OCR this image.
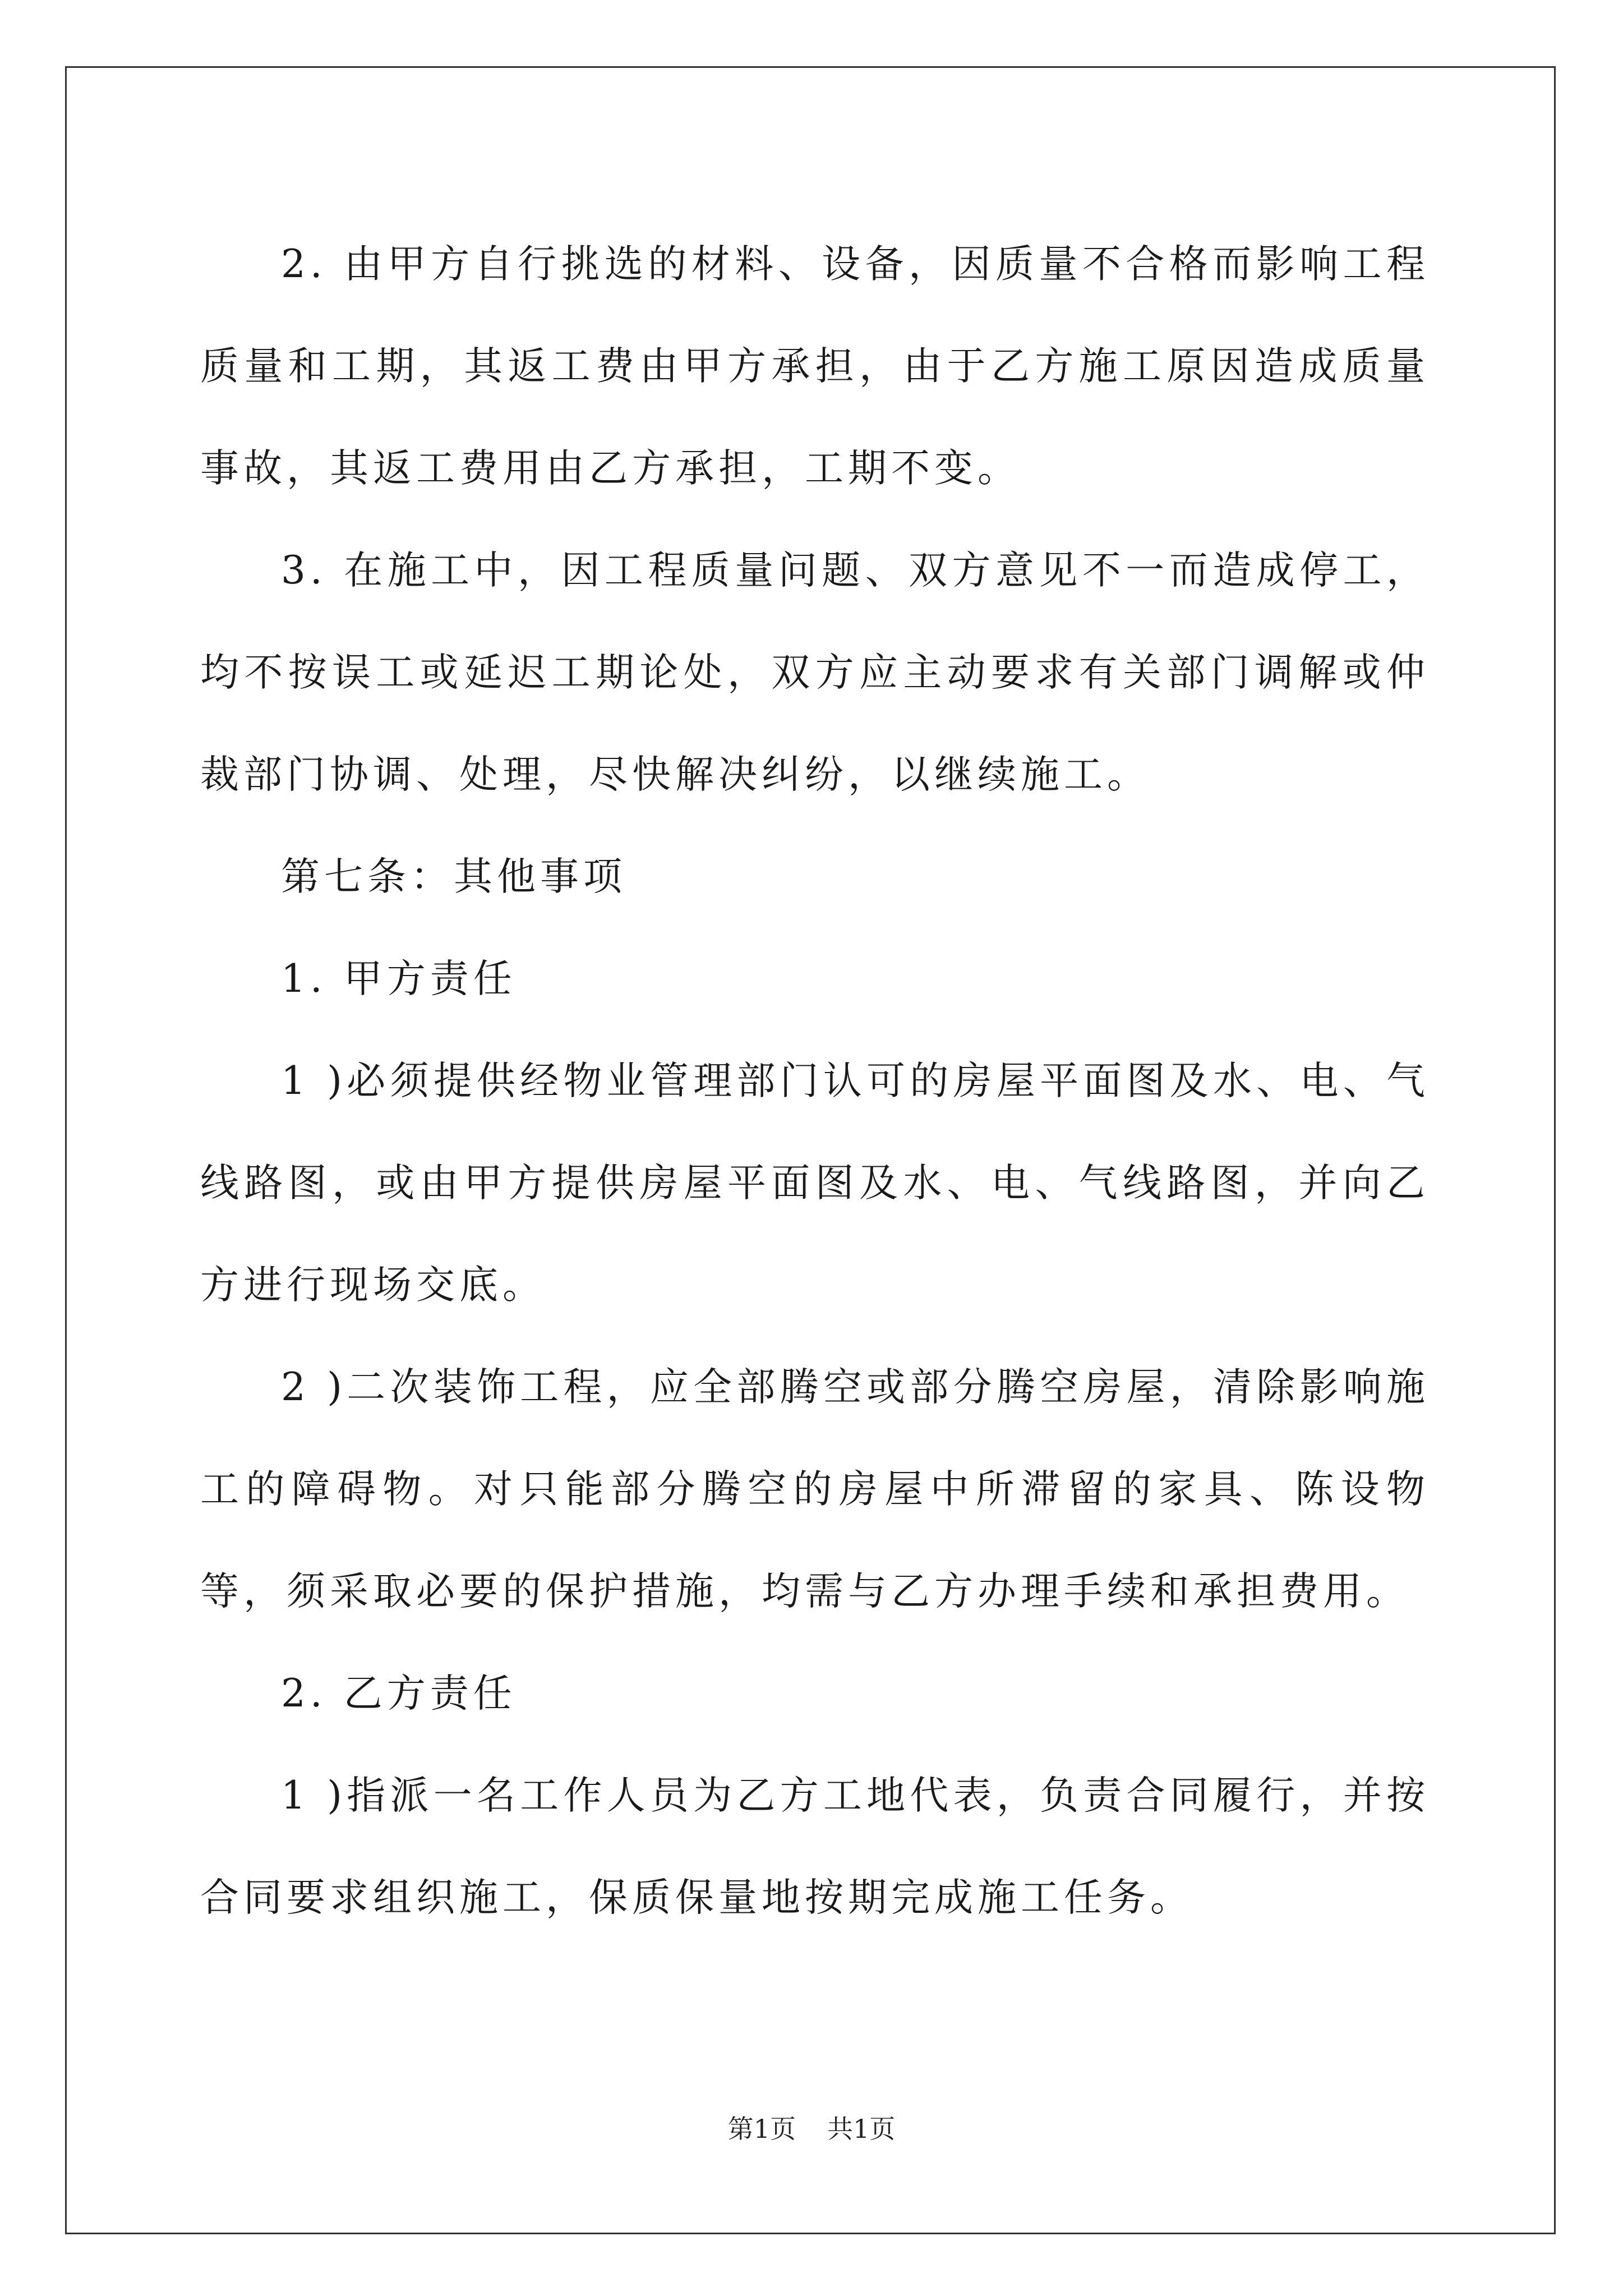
2. 由甲方自行挑选的材料、设备，因质量不合格而影响工程质量和工期，其返工费由甲方承担，由于乙方施工原因造成质量事故，其返工费用由乙方承担，工期不变。

3. 在施工中，因工程质量问题、双方意见不一而造成停工，均不按误工或延迟工期论处，双方应主动要求有关部门调解或仲裁部门协调、处理，尽快解决纠纷，以继续施工。

第七条：其他事项

1. 甲方责任

1 )必须提供经物业管理部门认可的房屋平面图及水、电、气线路图，或由甲方提供房屋平面图及水、电、气线路图，并向乙方进行现场交底。

2 )二次装饰工程，应全部腾空或部分腾空房屋，清除影响施工的障碍物。对只能部分腾空的房屋中所滞留的家具、陈设物等，须采取必要的保护措施，均需与乙方办理手续和承担费用。

2. 乙方责任

1 )指派一名工作人员为乙方工地代表，负责合同履行，并按合同要求组织施工，保质保量地按期完成施工任务。

第1页 共1页
